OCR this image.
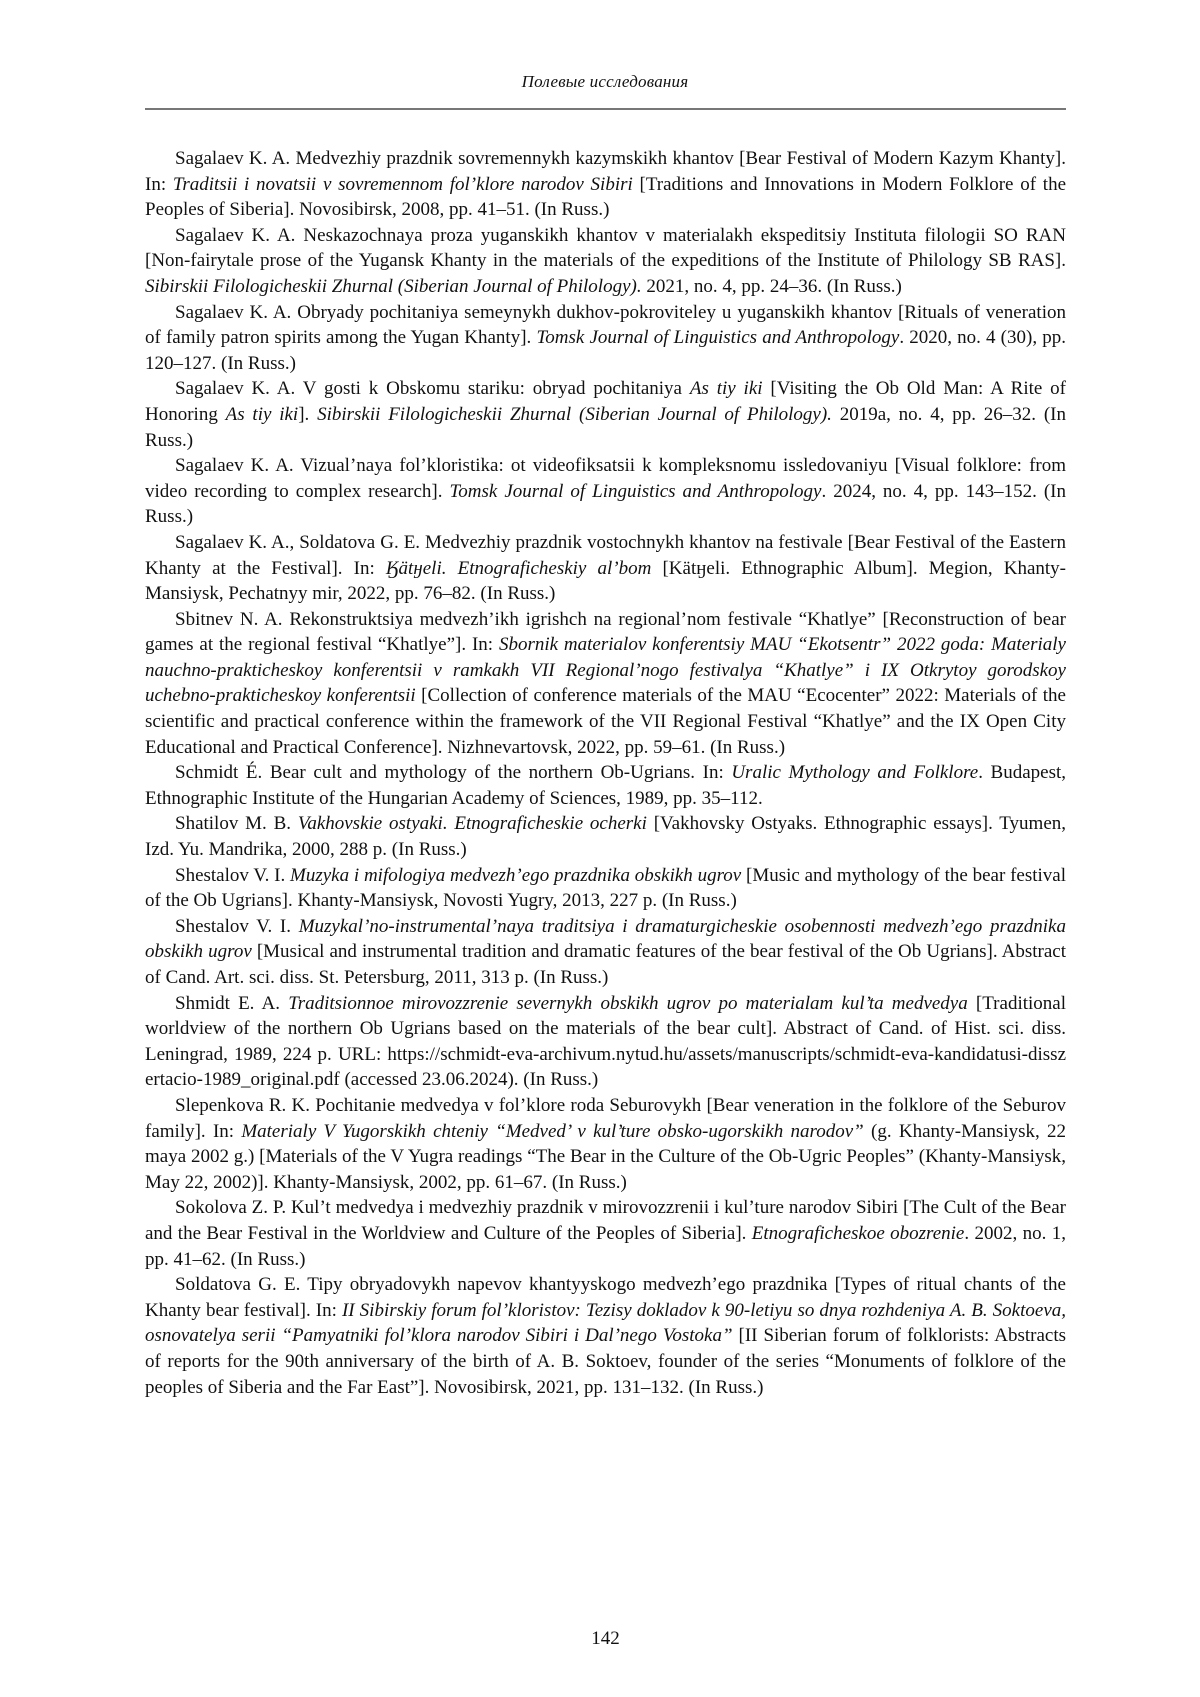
Полевые исследования

Sagalaev K. A. Medvezhiy prazdnik sovremennykh kazymskikh khantov [Bear Festival of Modern Kazym Khanty]. In: Traditsii i novatsii v sovremennom fol’klore narodov Sibiri [Traditions and Innovations in Modern Folklore of the Peoples of Siberia]. Novosibirsk, 2008, pp. 41–51. (In Russ.)

Sagalaev K. A. Neskazochnaya proza yuganskikh khantov v materialakh ekspeditsiy Instituta filologii SO RAN [Non-fairytale prose of the Yugansk Khanty in the materials of the expeditions of the Institute of Philology SB RAS]. Sibirskii Filologicheskii Zhurnal (Siberian Journal of Philology). 2021, no. 4, pp. 24–36. (In Russ.)

Sagalaev K. A. Obryady pochitaniya semeynykh dukhov-pokroviteley u yuganskikh khantov [Rituals of veneration of family patron spirits among the Yugan Khanty]. Tomsk Journal of Linguistics and Anthropology. 2020, no. 4 (30), pp. 120–127. (In Russ.)

Sagalaev K. A. V gosti k Obskomu stariku: obryad pochitaniya As tiy iki [Visiting the Ob Old Man: A Rite of Honoring As tiy iki]. Sibirskii Filologicheskii Zhurnal (Siberian Journal of Philology). 2019a, no. 4, pp. 26–32. (In Russ.)

Sagalaev K. A. Vizual’naya fol’kloristika: ot videofiksatsii k kompleksnomu issledovaniyu [Visual folklore: from video recording to complex research]. Tomsk Journal of Linguistics and Anthropology. 2024, no. 4, pp. 143–152. (In Russ.)

Sagalaev K. A., Soldatova G. E. Medvezhiy prazdnik vostochnykh khantov na festivale [Bear Festival of the Eastern Khanty at the Festival]. In: Ӄätӈeli. Etnograficheskiy al’bom [Kätӈeli. Ethnographic Album]. Megion, Khanty-Mansiysk, Pechatnyy mir, 2022, pp. 76–82. (In Russ.)

Sbitnev N. A. Rekonstruktsiya medvezh’ikh igrishch na regional’nom festivale “Khatlye” [Reconstruction of bear games at the regional festival “Khatlye”]. In: Sbornik materialov konferentsiy MAU “Ekotsentr” 2022 goda: Materialy nauchno-prakticheskoy konferentsii v ramkakh VII Regional’nogo festivalya “Khatlye” i IX Otkrytoy gorodskoy uchebno-prakticheskoy konferentsii [Collection of conference materials of the MAU “Ecocenter” 2022: Materials of the scientific and practical conference within the framework of the VII Regional Festival “Khatlye” and the IX Open City Educational and Practical Conference]. Nizhnevartovsk, 2022, pp. 59–61. (In Russ.)

Schmidt É. Bear cult and mythology of the northern Ob-Ugrians. In: Uralic Mythology and Folklore. Budapest, Ethnographic Institute of the Hungarian Academy of Sciences, 1989, pp. 35–112.

Shatilov M. B. Vakhovskie ostyaki. Etnograficheskie ocherki [Vakhovsky Ostyaks. Ethnographic essays]. Tyumen, Izd. Yu. Mandrika, 2000, 288 p. (In Russ.)

Shestalov V. I. Muzyka i mifologiya medvezh’ego prazdnika obskikh ugrov [Music and mythology of the bear festival of the Ob Ugrians]. Khanty-Mansiysk, Novosti Yugry, 2013, 227 p. (In Russ.)

Shestalov V. I. Muzykal’no-instrumental’naya traditsiya i dramaturgicheskie osobennosti medvezh’ego prazdnika obskikh ugrov [Musical and instrumental tradition and dramatic features of the bear festival of the Ob Ugrians]. Abstract of Cand. Art. sci. diss. St. Petersburg, 2011, 313 p. (In Russ.)

Shmidt E. A. Traditsionnoe mirovozzrenie severnykh obskikh ugrov po materialam kul’ta medvedya [Traditional worldview of the northern Ob Ugrians based on the materials of the bear cult]. Abstract of Cand. of Hist. sci. diss. Leningrad, 1989, 224 p. URL: https://schmidt-eva-archivum.nytud.hu/assets/manuscripts/schmidt-eva-kandidatusi-disszertacio-1989_original.pdf (accessed 23.06.2024). (In Russ.)

Slepenkova R. K. Pochitanie medvedya v fol’klore roda Seburovykh [Bear veneration in the folklore of the Seburov family]. In: Materialy V Yugorskikh chteniy “Medved’ v kul’ture obsko-ugorskikh narodov” (g. Khanty-Mansiysk, 22 maya 2002 g.) [Materials of the V Yugra readings “The Bear in the Culture of the Ob-Ugric Peoples” (Khanty-Mansiysk, May 22, 2002)]. Khanty-Mansiysk, 2002, pp. 61–67. (In Russ.)

Sokolova Z. P. Kul’t medvedya i medvezhiy prazdnik v mirovozzrenii i kul’ture narodov Sibiri [The Cult of the Bear and the Bear Festival in the Worldview and Culture of the Peoples of Siberia]. Etnograficheskoe obozrenie. 2002, no. 1, pp. 41–62. (In Russ.)

Soldatova G. E. Tipy obryadovykh napevov khantyyskogo medvezh’ego prazdnika [Types of ritual chants of the Khanty bear festival]. In: II Sibirskiy forum fol’kloristov: Tezisy dokladov k 90-letiyu so dnya rozhdeniya A. B. Soktoeva, osnovatelya serii “Pamyatniki fol’klora narodov Sibiri i Dal’nego Vostoka” [II Siberian forum of folklorists: Abstracts of reports for the 90th anniversary of the birth of A. B. Soktoev, founder of the series “Monuments of folklore of the peoples of Siberia and the Far East”]. Novosibirsk, 2021, pp. 131–132. (In Russ.)

142
